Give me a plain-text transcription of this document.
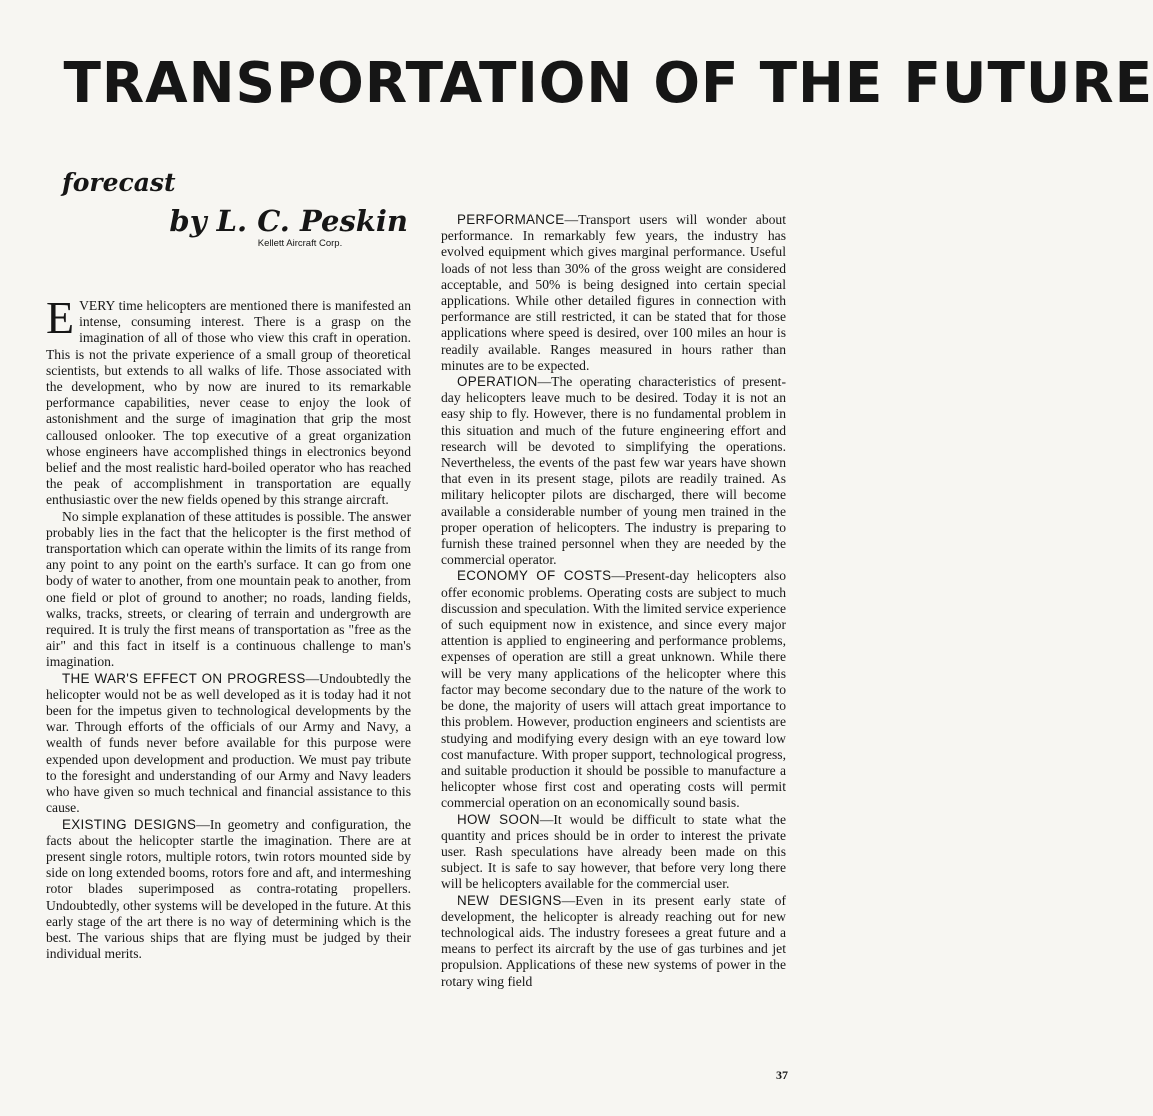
TRANSPORTATION OF THE FUTURE
forecast
by L. C. Peskin
Kellett Aircraft Corp.

EVERY time helicopters are mentioned there is manifested an intense, consuming interest. There is a grasp on the imagination of all of those who view this craft in operation. This is not the private experience of a small group of theoretical scientists, but extends to all walks of life. Those associated with the development, who by now are inured to its remarkable performance capabilities, never cease to enjoy the look of astonishment and the surge of imagination that grip the most calloused onlooker. The top executive of a great organization whose engineers have accomplished things in electronics beyond belief and the most realistic hard-boiled operator who has reached the peak of accomplishment in transportation are equally enthusiastic over the new fields opened by this strange aircraft.

No simple explanation of these attitudes is possible. The answer probably lies in the fact that the helicopter is the first method of transportation which can operate within the limits of its range from any point to any point on the earth's surface. It can go from one body of water to another, from one mountain peak to another, from one field or plot of ground to another; no roads, landing fields, walks, tracks, streets, or clearing of terrain and undergrowth are required. It is truly the first means of transportation as "free as the air" and this fact in itself is a continuous challenge to man's imagination.

THE WAR'S EFFECT ON PROGRESS—Undoubtedly the helicopter would not be as well developed as it is today had it not been for the impetus given to technological developments by the war. Through efforts of the officials of our Army and Navy, a wealth of funds never before available for this purpose were expended upon development and production. We must pay tribute to the foresight and understanding of our Army and Navy leaders who have given so much technical and financial assistance to this cause.

EXISTING DESIGNS—In geometry and configuration, the facts about the helicopter startle the imagination. There are at present single rotors, multiple rotors, twin rotors mounted side by side on long extended booms, rotors fore and aft, and intermeshing rotor blades superimposed as contra-rotating propellers. Undoubtedly, other systems will be developed in the future. At this early stage of the art there is no way of determining which is the best. The various ships that are flying must be judged by their individual merits.

PERFORMANCE—Transport users will wonder about performance. In remarkably few years, the industry has evolved equipment which gives marginal performance. Useful loads of not less than 30% of the gross weight are considered acceptable, and 50% is being designed into certain special applications. While other detailed figures in connection with performance are still restricted, it can be stated that for those applications where speed is desired, over 100 miles an hour is readily available. Ranges measured in hours rather than minutes are to be expected.

OPERATION—The operating characteristics of present-day helicopters leave much to be desired. Today it is not an easy ship to fly. However, there is no fundamental problem in this situation and much of the future engineering effort and research will be devoted to simplifying the operations. Nevertheless, the events of the past few war years have shown that even in its present stage, pilots are readily trained. As military helicopter pilots are discharged, there will become available a considerable number of young men trained in the proper operation of helicopters. The industry is preparing to furnish these trained personnel when they are needed by the commercial operator.

ECONOMY OF COSTS—Present-day helicopters also offer economic problems. Operating costs are subject to much discussion and speculation. With the limited service experience of such equipment now in existence, and since every major attention is applied to engineering and performance problems, expenses of operation are still a great unknown. While there will be very many applications of the helicopter where this factor may become secondary due to the nature of the work to be done, the majority of users will attach great importance to this problem. However, production engineers and scientists are studying and modifying every design with an eye toward low cost manufacture. With proper support, technological progress, and suitable production it should be possible to manufacture a helicopter whose first cost and operating costs will permit commercial operation on an economically sound basis.

HOW SOON—It would be difficult to state what the quantity and prices should be in order to interest the private user. Rash speculations have already been made on this subject. It is safe to say however, that before very long there will be helicopters available for the commercial user.

NEW DESIGNS—Even in its present early state of development, the helicopter is already reaching out for new technological aids. The industry foresees a great future and a means to perfect its aircraft by the use of gas turbines and jet propulsion. Applications of these new systems of power in the rotary wing field

37
